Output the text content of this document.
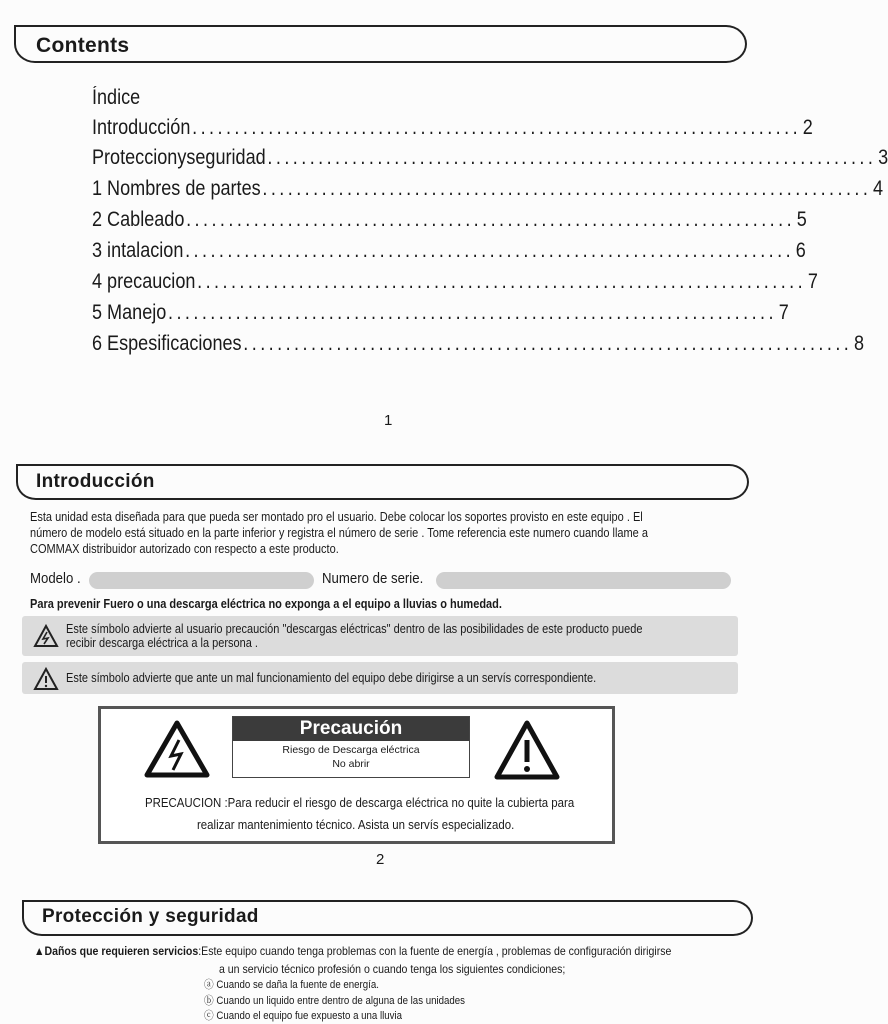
Contents
Índice
Introducción ........................................................................ 2
Proteccionyseguridad ........................................................................ 3
1 Nombres de partes ........................................................................ 4
2 Cableado ........................................................................ 5
3 intalacion ........................................................................ 6
4 precaucion ........................................................................ 7
5 Manejo ........................................................................ 7
6 Espesificaciones ........................................................................ 8
1
Introducción
Esta unidad esta diseñada para que pueda ser montado pro el usuario. Debe colocar los soportes provisto en este equipo . El
número de modelo está situado en la parte inferior y registra el número de serie . Tome referencia este numero cuando llame a
COMMAX distribuidor autorizado con respecto a este producto.
Modelo .	Numero de serie.
Para prevenir Fuero o una descarga eléctrica no exponga a el equipo a lluvias o humedad.
Este símbolo advierte al usuario precaución "descargas eléctricas" dentro de las posibilidades de este producto puede
recibir descarga eléctrica a la persona .
Este símbolo advierte que ante un mal funcionamiento del equipo debe dirigirse a un servís correspondiente.
Precaución
Riesgo de Descarga eléctrica
No abrir
PRECAUCION :Para reducir el riesgo de descarga eléctrica no quite la cubierta para
realizar mantenimiento técnico. Asista un servís especializado.
2
Protección y seguridad
▲Daños que requieren servicios:Este equipo cuando tenga problemas con la fuente de energía , problemas de configuración dirigirse
a un servicio técnico profesión o cuando tenga los siguientes condiciones;
ⓐ Cuando se daña la fuente de energía.
ⓑ Cuando un liquido entre dentro de alguna de las unidades
ⓒ Cuando el equipo fue expuesto a una lluvia
